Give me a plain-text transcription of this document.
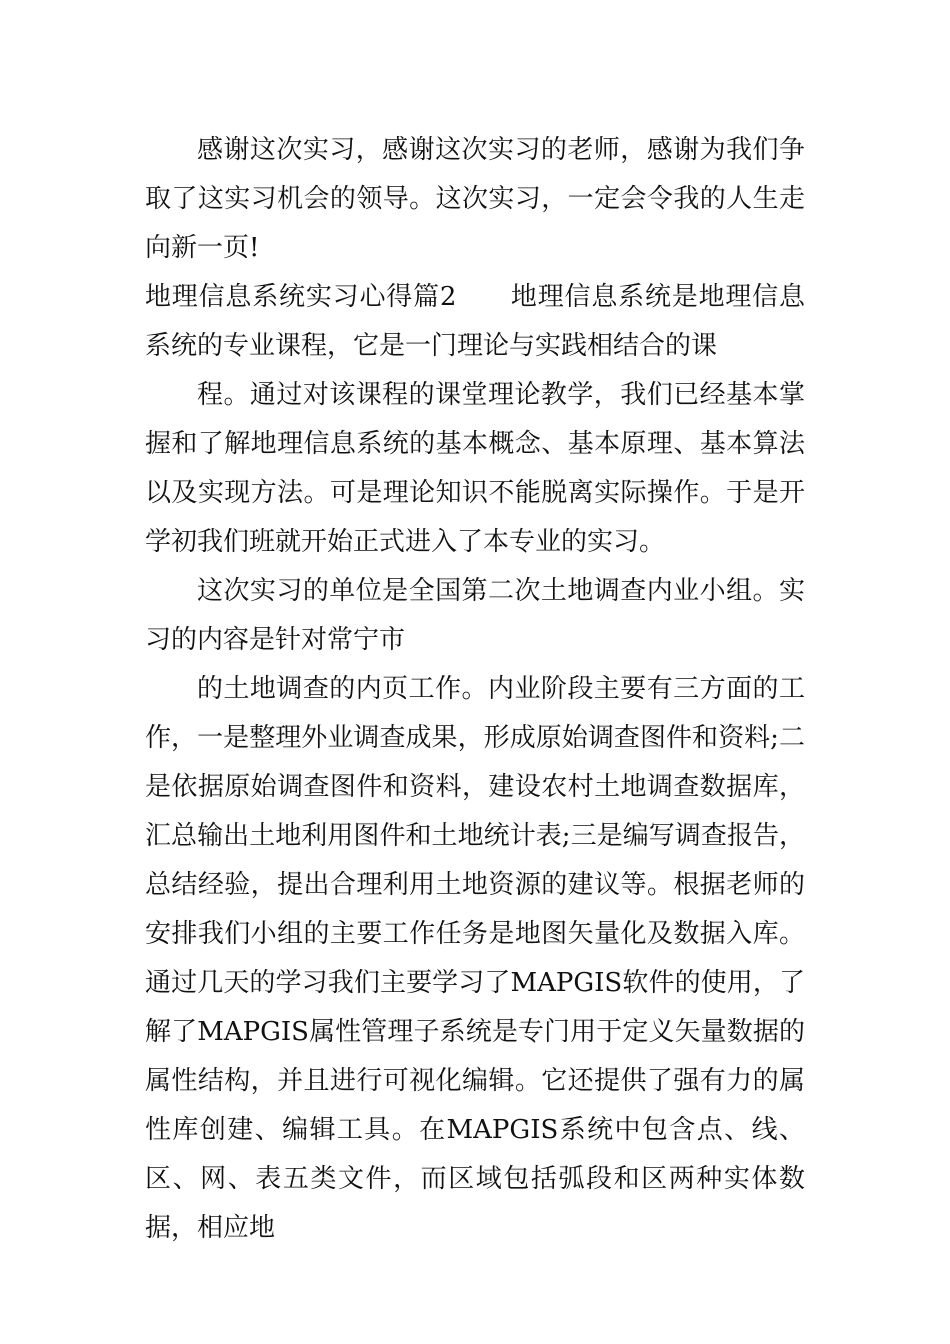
感谢这次实习，感谢这次实习的老师，感谢为我们争取了这实习机会的领导。这次实习，一定会令我的人生走向新一页!

地理信息系统实习心得篇2　　地理信息系统是地理信息系统的专业课程，它是一门理论与实践相结合的课

程。通过对该课程的课堂理论教学，我们已经基本掌握和了解地理信息系统的基本概念、基本原理、基本算法以及实现方法。可是理论知识不能脱离实际操作。于是开学初我们班就开始正式进入了本专业的实习。

这次实习的单位是全国第二次土地调查内业小组。实习的内容是针对常宁市

的土地调查的内页工作。内业阶段主要有三方面的工作，一是整理外业调查成果，形成原始调查图件和资料;二是依据原始调查图件和资料，建设农村土地调查数据库，汇总输出土地利用图件和土地统计表;三是编写调查报告，总结经验，提出合理利用土地资源的建议等。根据老师的安排我们小组的主要工作任务是地图矢量化及数据入库。通过几天的学习我们主要学习了MAPGIS软件的使用，了解了MAPGIS属性管理子系统是专门用于定义矢量数据的属性结构，并且进行可视化编辑。它还提供了强有力的属性库创建、编辑工具。在MAPGIS系统中包含点、线、区、网、表五类文件，而区域包括弧段和区两种实体数据，相应地
